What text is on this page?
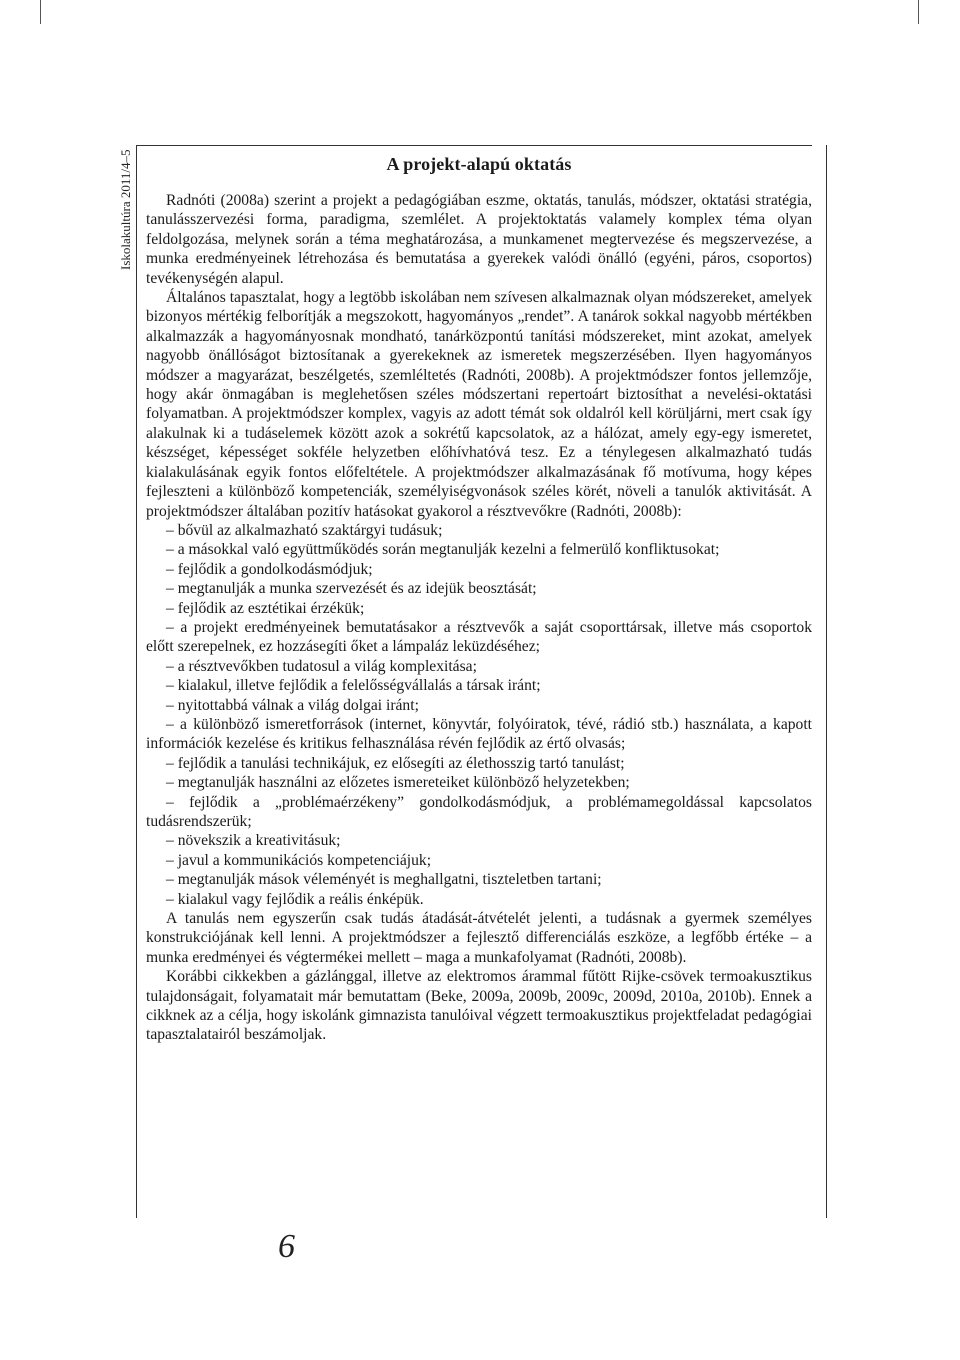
Iskolakultúra 2011/4–5	A projekt-alapú oktatás

Radnóti (2008a) szerint a projekt a pedagógiában eszme, oktatás, tanulás, módszer, oktatási stratégia, tanulásszervezési forma, paradigma, szemlélet. A projektoktatás valamely komplex téma olyan feldolgozása, melynek során a téma meghatározása, a munkamenet megtervezése és megszervezése, a munka eredményeinek létrehozása és bemutatása a gyerekek valódi önálló (egyéni, páros, csoportos) tevékenységén alapul.

Általános tapasztalat, hogy a legtöbb iskolában nem szívesen alkalmaznak olyan módszereket, amelyek bizonyos mértékig felborítják a megszokott, hagyományos „rendet”. A tanárok sokkal nagyobb mértékben alkalmazzák a hagyományosnak mondható, tanárközpontú tanítási módszereket, mint azokat, amelyek nagyobb önállóságot biztosítanak a gyerekeknek az ismeretek megszerzésében. Ilyen hagyományos módszer a magyarázat, beszélgetés, szemléltetés (Radnóti, 2008b). A projektmódszer fontos jellemzője, hogy akár önmagában is meglehetősen széles módszertani repertoárt biztosíthat a nevelési-oktatási folyamatban. A projektmódszer komplex, vagyis az adott témát sok oldalról kell körüljárni, mert csak így alakulnak ki a tudáselemek között azok a sokrétű kapcsolatok, az a hálózat, amely egy-egy ismeretet, készséget, képességet sokféle helyzetben előhívhatóvá tesz. Ez a ténylegesen alkalmazható tudás kialakulásának egyik fontos előfeltétele. A projektmódszer alkalmazásának fő motívuma, hogy képes fejleszteni a különböző kompetenciák, személyiségvonások széles körét, növeli a tanulók aktivitását. A projektmódszer általában pozitív hatásokat gyakorol a résztvevőkre (Radnóti, 2008b):

– bővül az alkalmazható szaktárgyi tudásuk;
– a másokkal való együttműködés során megtanulják kezelni a felmerülő konfliktusokat;
– fejlődik a gondolkodásmódjuk;
– megtanulják a munka szervezését és az idejük beosztását;
– fejlődik az esztétikai érzékük;
– a projekt eredményeinek bemutatásakor a résztvevők a saját csoporttársak, illetve más csoportok előtt szerepelnek, ez hozzásegíti őket a lámpaláz leküzdéséhez;
– a résztvevőkben tudatosul a világ komplexitása;
– kialakul, illetve fejlődik a felelősségvállalás a társak iránt;
– nyitottabbá válnak a világ dolgai iránt;
– a különböző ismeretforrások (internet, könyvtár, folyóiratok, tévé, rádió stb.) használata, a kapott információk kezelése és kritikus felhasználása révén fejlődik az értő olvasás;
– fejlődik a tanulási technikájuk, ez elősegíti az élethosszig tartó tanulást;
– megtanulják használni az előzetes ismereteiket különböző helyzetekben;
– fejlődik a „problémaérzékeny” gondolkodásmódjuk, a problémamegoldással kapcsolatos tudásrendszerük;
– növekszik a kreativitásuk;
– javul a kommunikációs kompetenciájuk;
– megtanulják mások véleményét is meghallgatni, tiszteletben tartani;
– kialakul vagy fejlődik a reális énképük.

A tanulás nem egyszerűn csak tudás átadását-átvételét jelenti, a tudásnak a gyermek személyes konstrukciójának kell lenni. A projektmódszer a fejlesztő differenciálás eszköze, a legfőbb értéke – a munka eredményei és végtermékei mellett – maga a munkafolyamat (Radnóti, 2008b).

Korábbi cikkekben a gázlánggal, illetve az elektromos árammal fűtött Rijke-csövek termoakusztikus tulajdonságait, folyamatait már bemutattam (Beke, 2009a, 2009b, 2009c, 2009d, 2010a, 2010b). Ennek a cikknek az a célja, hogy iskolánk gimnazista tanulóival végzett termoakusztikus projektfeladat pedagógiai tapasztalatairól beszámoljak.

6
